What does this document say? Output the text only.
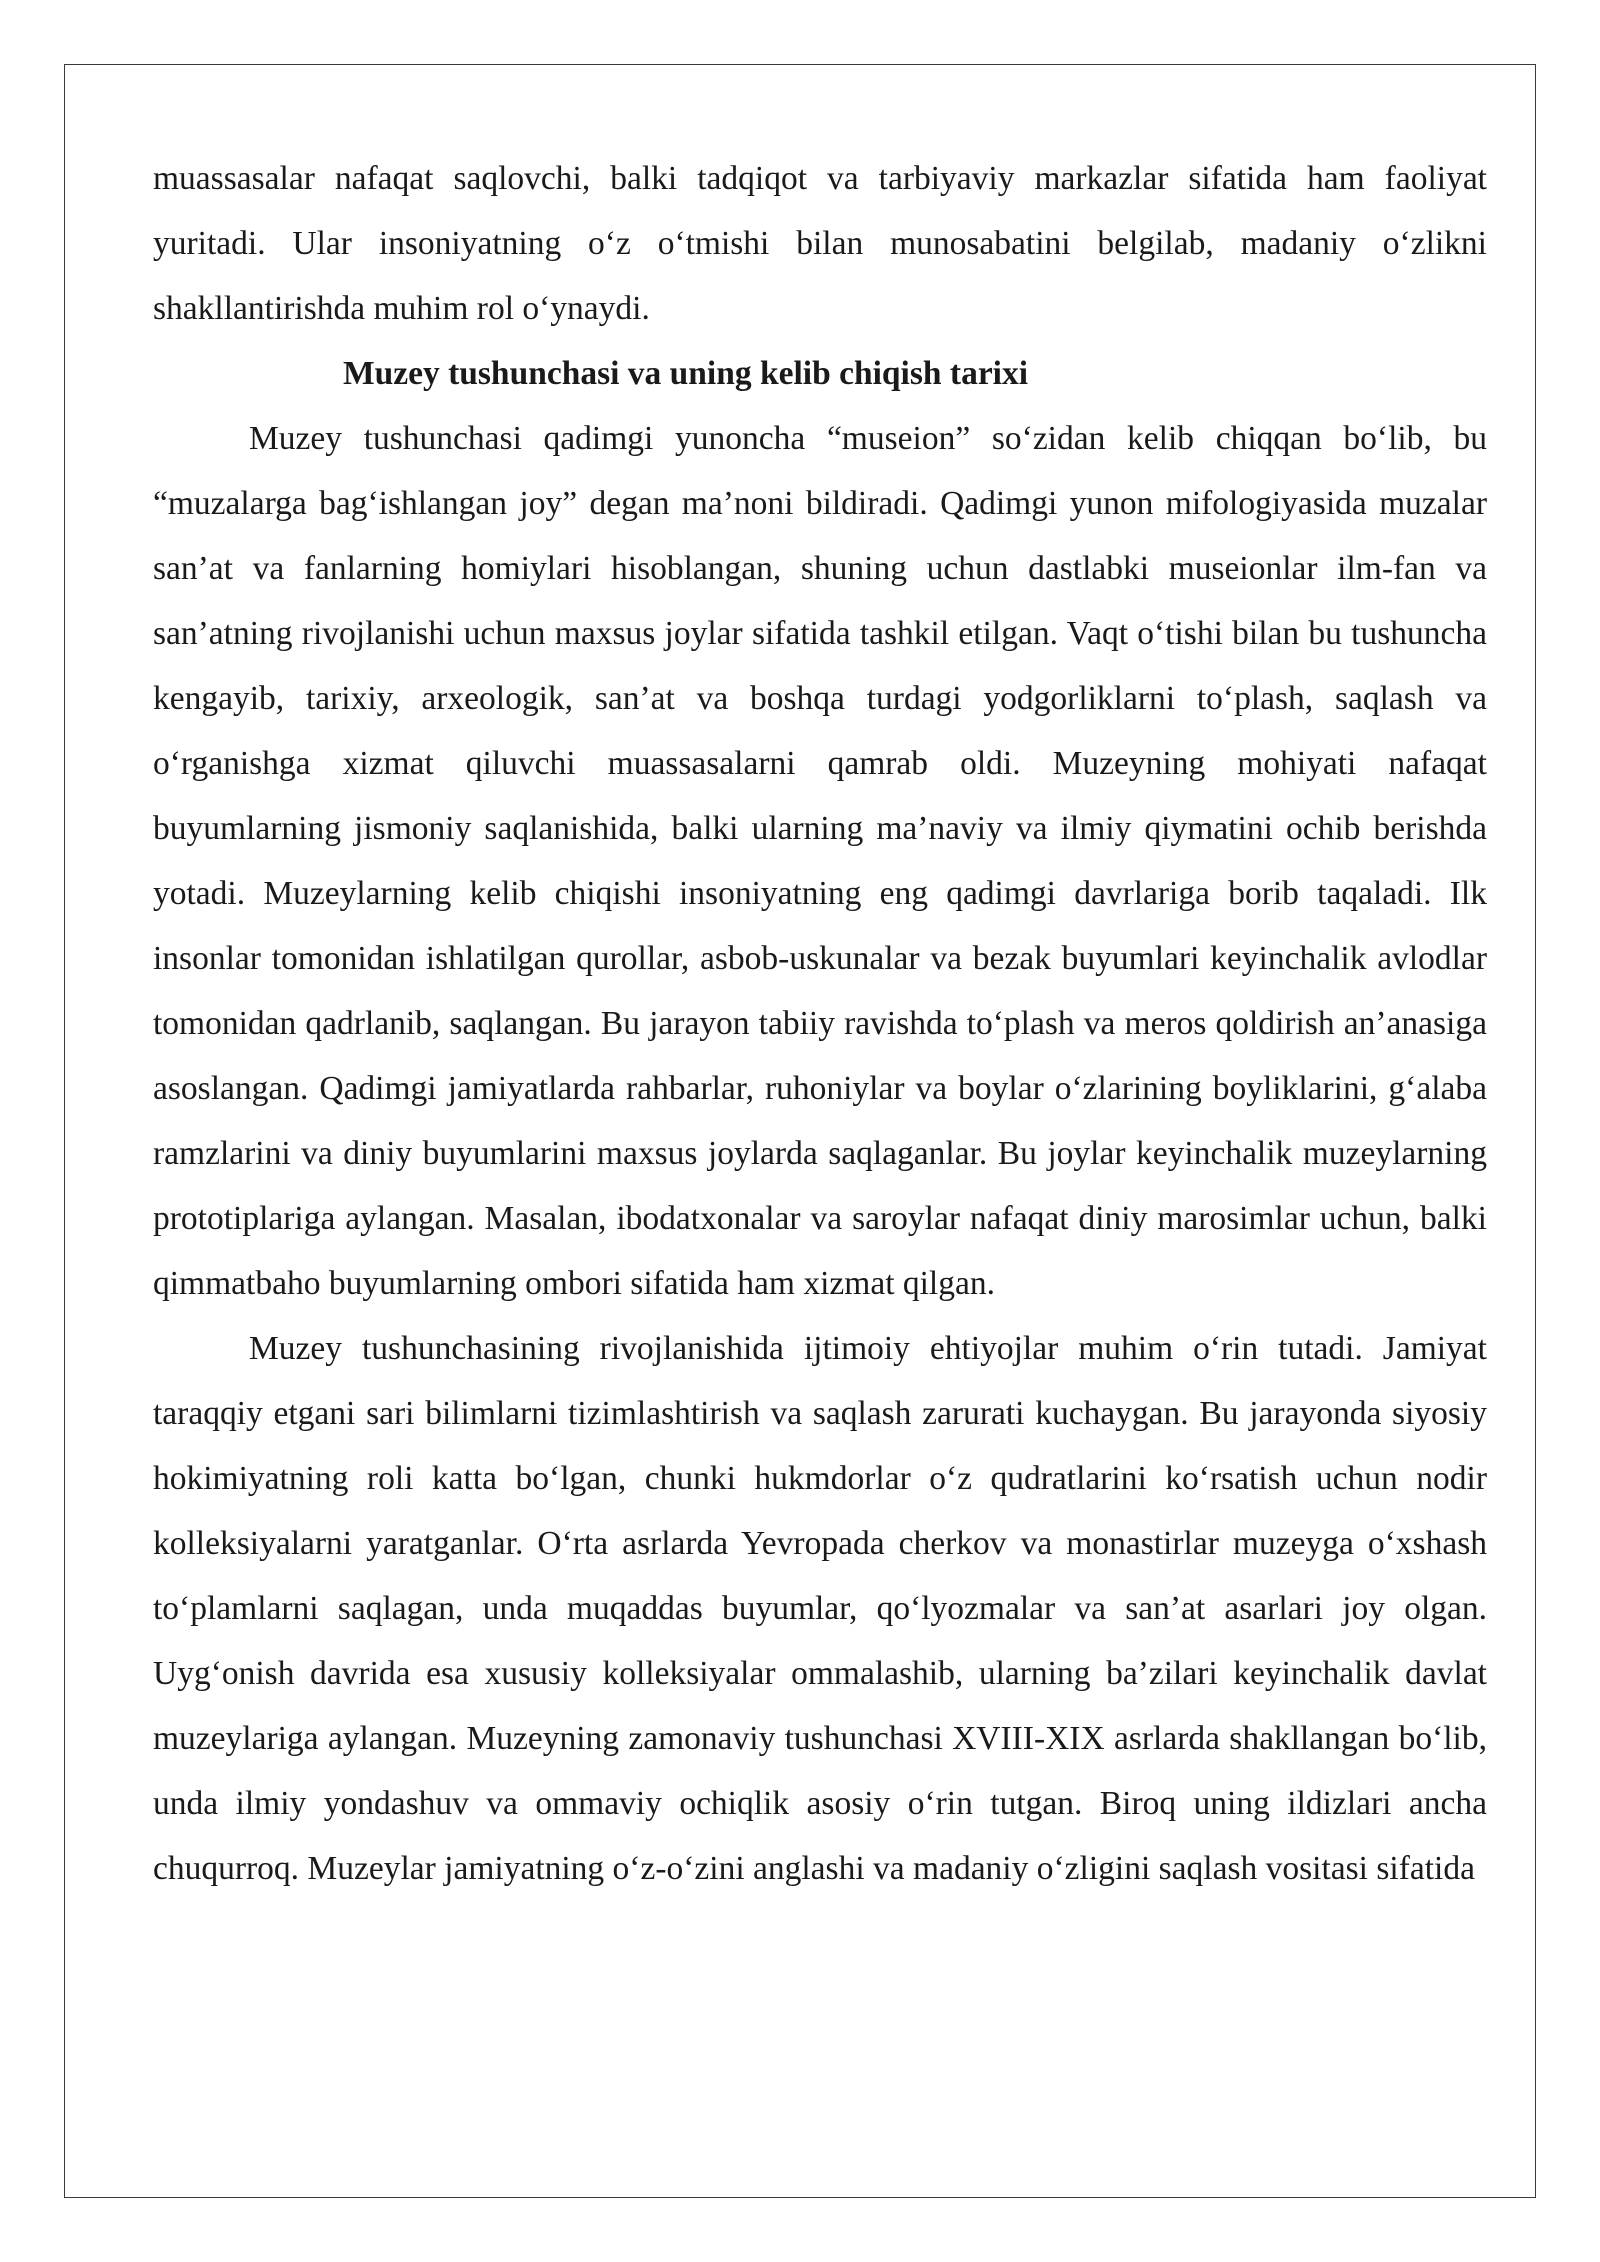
muassasalar nafaqat saqlovchi, balki tadqiqot va tarbiyaviy markazlar sifatida ham faoliyat yuritadi. Ular insoniyatning oʻz oʻtmishi bilan munosabatini belgilab, madaniy oʻzlikni shakllantirishda muhim rol oʻynaydi.

Muzey tushunchasi va uning kelib chiqish tarixi

Muzey tushunchasi qadimgi yunoncha “museion” soʻzidan kelib chiqqan boʻlib, bu “muzalarga bagʻishlangan joy” degan ma’noni bildiradi. Qadimgi yunon mifologiyasida muzalar san’at va fanlarning homiylari hisoblangan, shuning uchun dastlabki museionlar ilm-fan va san’atning rivojlanishi uchun maxsus joylar sifatida tashkil etilgan. Vaqt oʻtishi bilan bu tushuncha kengayib, tarixiy, arxeologik, san’at va boshqa turdagi yodgorliklarni toʻplash, saqlash va oʻrganishga xizmat qiluvchi muassasalarni qamrab oldi. Muzeyning mohiyati nafaqat buyumlarning jismoniy saqlanishida, balki ularning ma’naviy va ilmiy qiymatini ochib berishda yotadi. Muzeylarning kelib chiqishi insoniyatning eng qadimgi davrlariga borib taqaladi. Ilk insonlar tomonidan ishlatilgan qurollar, asbob-uskunalar va bezak buyumlari keyinchalik avlodlar tomonidan qadrlanib, saqlangan. Bu jarayon tabiiy ravishda toʻplash va meros qoldirish an’anasiga asoslangan. Qadimgi jamiyatlarda rahbarlar, ruhoniylar va boylar oʻzlarining boyliklarini, gʻalaba ramzlarini va diniy buyumlarini maxsus joylarda saqlaganlar. Bu joylar keyinchalik muzeylarning prototiplariga aylangan. Masalan, ibodatxonalar va saroylar nafaqat diniy marosimlar uchun, balki qimmatbaho buyumlarning ombori sifatida ham xizmat qilgan.

Muzey tushunchasining rivojlanishida ijtimoiy ehtiyojlar muhim oʻrin tutadi. Jamiyat taraqqiy etgani sari bilimlarni tizimlashtirish va saqlash zarurati kuchaygan. Bu jarayonda siyosiy hokimiyatning roli katta boʻlgan, chunki hukmdorlar oʻz qudratlarini koʻrsatish uchun nodir kolleksiyalarni yaratganlar. Oʻrta asrlarda Yevropada cherkov va monastirlar muzeyga oʻxshash toʻplamlarni saqlagan, unda muqaddas buyumlar, qoʻlyozmalar va san’at asarlari joy olgan. Uygʻonish davrida esa xususiy kolleksiyalar ommalashib, ularning ba’zilari keyinchalik davlat muzeylariga aylangan. Muzeyning zamonaviy tushunchasi XVIII-XIX asrlarda shakllangan boʻlib, unda ilmiy yondashuv va ommaviy ochiqlik asosiy oʻrin tutgan. Biroq uning ildizlari ancha chuqurroq. Muzeylar jamiyatning oʻz-oʻzini anglashi va madaniy oʻzligini saqlash vositasi sifatida
